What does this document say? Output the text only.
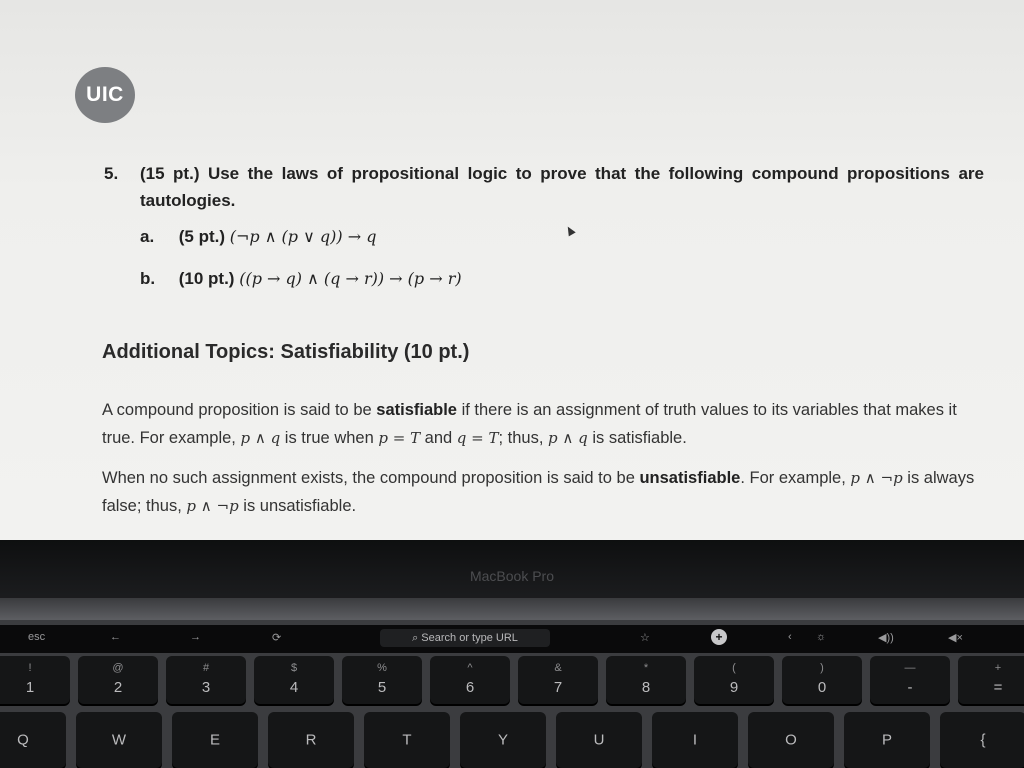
UIC
5. (15 pt.) Use the laws of propositional logic to prove that the following compound propositions are tautologies.
a. (5 pt.) (¬p ∧ (p ∨ q)) → q
b. (10 pt.) ((p → q) ∧ (q → r)) → (p → r)
Additional Topics: Satisfiability (10 pt.)
A compound proposition is said to be satisfiable if there is an assignment of truth values to its variables that makes it true. For example, p ∧ q is true when p = T and q = T; thus, p ∧ q is satisfiable.
When no such assignment exists, the compound proposition is said to be unsatisfiable. For example, p ∧ ¬p is always false; thus, p ∧ ¬p is unsatisfiable.
MacBook Pro
esc	←	→	⟳	⌕ Search or type URL	☆	+	‹ ☼	◀))	◀×
!
1
@
2
#
3
$
4
%
5
^
6
&
7
*
8
(
9
)
0
—
-
+
=
Q	W	E	R	T	Y	U	I	O	P	{
